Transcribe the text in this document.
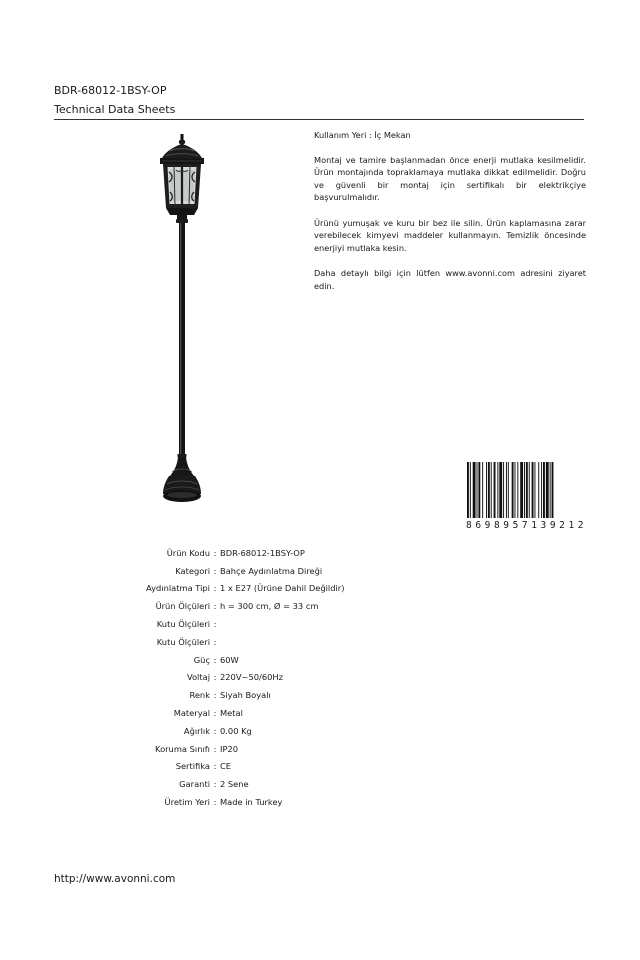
BDR-68012-1BSY-OP
Technical Data Sheets

Kullanım Yeri : İç Mekan

Montaj ve tamire başlanmadan önce enerji mutlaka kesilmelidir. Ürün montajında topraklamaya mutlaka dikkat edilmelidir. Doğru ve güvenli bir montaj için sertifikalı bir elektrikçiye başvurulmalıdır.

Ürünü yumuşak ve kuru bir bez ile silin. Ürün kaplamasına zarar verebilecek kimyevi maddeler kullanmayın. Temizlik öncesinde enerjiyi mutlaka kesin.

Daha detaylı bilgi için lütfen www.avonni.com adresini ziyaret edin.

8 6 9 8 9 5 7 1 3 9 2 1 2
Ürün Kodu : BDR-68012-1BSY-OP
Kategori : Bahçe Aydınlatma Direği
Aydınlatma Tipi : 1 x E27 (Ürüne Dahil Değildir)
Ürün Ölçüleri : h = 300 cm, Ø = 33 cm
Kutu Ölçüleri :
Kutu Ölçüleri :
Güç : 60W
Voltaj : 220V~50/60Hz
Renk : Siyah Boyalı
Materyal : Metal
Ağırlık : 0.00 Kg
Koruma Sınıfı : IP20
Sertifika : CE
Garanti : 2 Sene
Üretim Yeri : Made in Turkey
http://www.avonni.com
